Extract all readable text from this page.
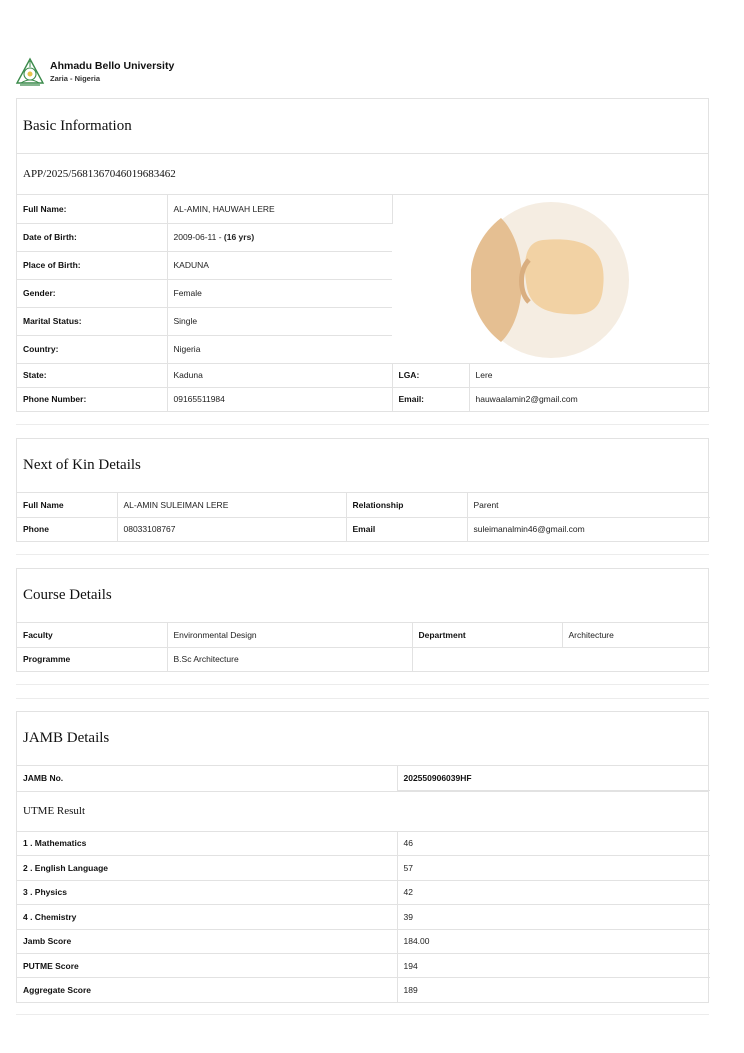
Ahmadu Bello University
Zaria - Nigeria
Basic Information
APP/2025/5681367046019683462
Full Name:	AL-AMIN, HAUWAH LERE	

Date of Birth:	2009-06-11 - (16 yrs)		
Place of Birth:	KADUNA		
Gender:	Female		
Marital Status:	Single		
Country:	Nigeria		
State:	Kaduna	LGA:	Lere
Phone Number:	09165511984	Email:	hauwaalamin2@gmail.com
Next of Kin Details
Full Name	AL-AMIN SULEIMAN LERE	Relationship	Parent
Phone	08033108767	Email	suleimanalmin46@gmail.com
Course Details
Faculty	Environmental Design	Department	Architecture
Programme	B.Sc Architecture		
JAMB Details
JAMB No.	202550906039HF
UTME Result
1 . Mathematics	46
2 . English Language	57
3 . Physics	42
4 . Chemistry	39
Jamb Score	184.00
PUTME Score	194
Aggregate Score	189
